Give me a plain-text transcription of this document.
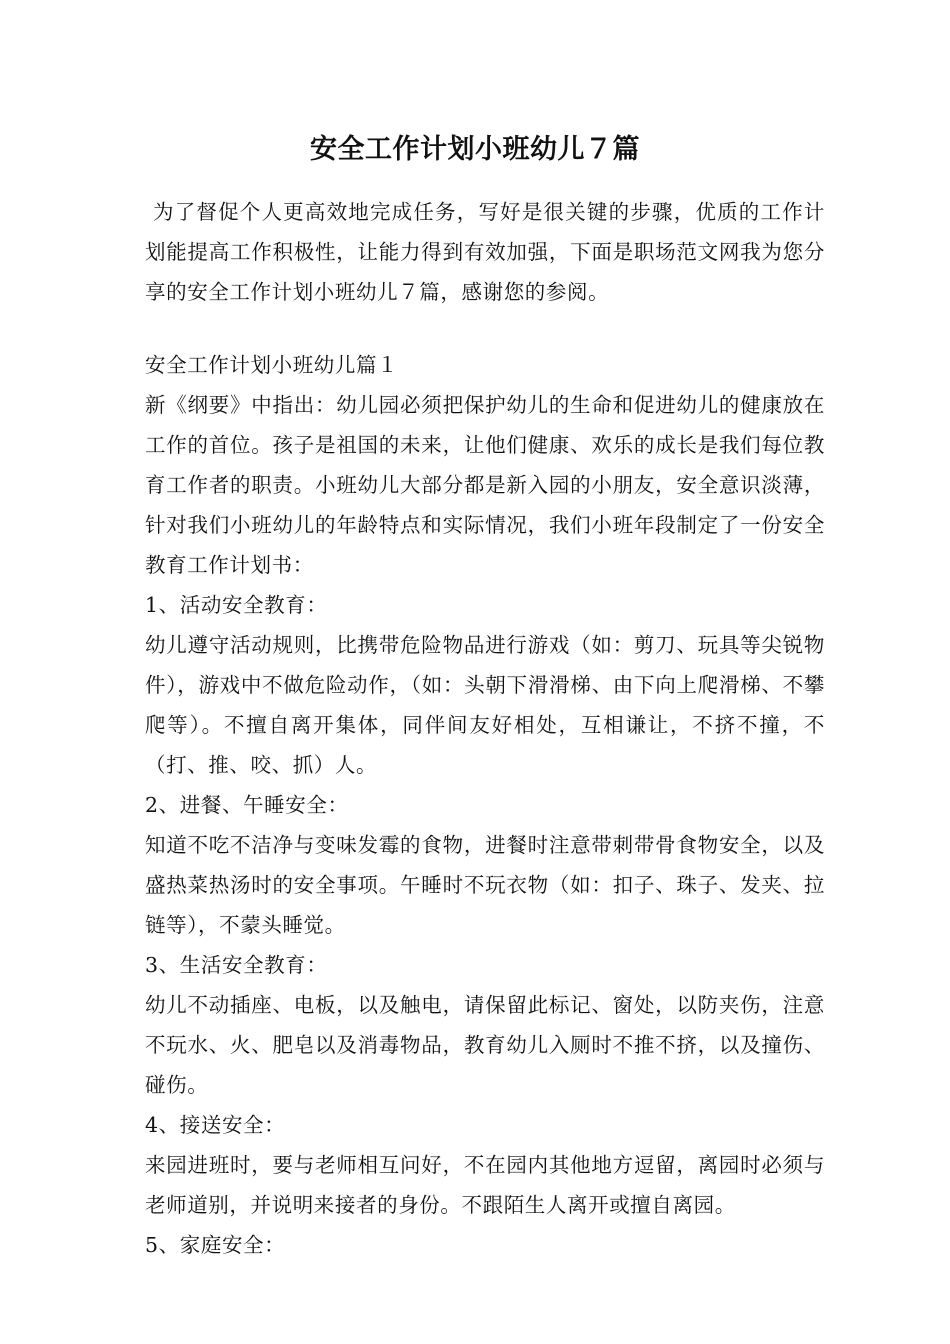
安全工作计划小班幼儿７篇

为了督促个人更高效地完成任务，写好是很关键的步骤，优质的工作计划能提高工作积极性，让能力得到有效加强，下面是职场范文网我为您分享的安全工作计划小班幼儿７篇，感谢您的参阅。

安全工作计划小班幼儿篇１

新《纲要》中指出：幼儿园必须把保护幼儿的生命和促进幼儿的健康放在工作的首位。孩子是祖国的未来，让他们健康、欢乐的成长是我们每位教育工作者的职责。小班幼儿大部分都是新入园的小朋友，安全意识淡薄，针对我们小班幼儿的年龄特点和实际情况，我们小班年段制定了一份安全教育工作计划书：

1、活动安全教育：

幼儿遵守活动规则，比携带危险物品进行游戏（如：剪刀、玩具等尖锐物件），游戏中不做危险动作，（如：头朝下滑滑梯、由下向上爬滑梯、不攀爬等）。不擅自离开集体，同伴间友好相处，互相谦让，不挤不撞，不（打、推、咬、抓）人。

2、进餐、午睡安全：

知道不吃不洁净与变味发霉的食物，进餐时注意带刺带骨食物安全，以及盛热菜热汤时的安全事项。午睡时不玩衣物（如：扣子、珠子、发夹、拉链等），不蒙头睡觉。

3、生活安全教育：

幼儿不动插座、电板，以及触电，请保留此标记、窗处，以防夹伤，注意不玩水、火、肥皂以及消毒物品，教育幼儿入厕时不推不挤，以及撞伤、碰伤。

4、接送安全：

来园进班时，要与老师相互问好，不在园内其他地方逗留，离园时必须与老师道别，并说明来接者的身份。不跟陌生人离开或擅自离园。

5、家庭安全：
